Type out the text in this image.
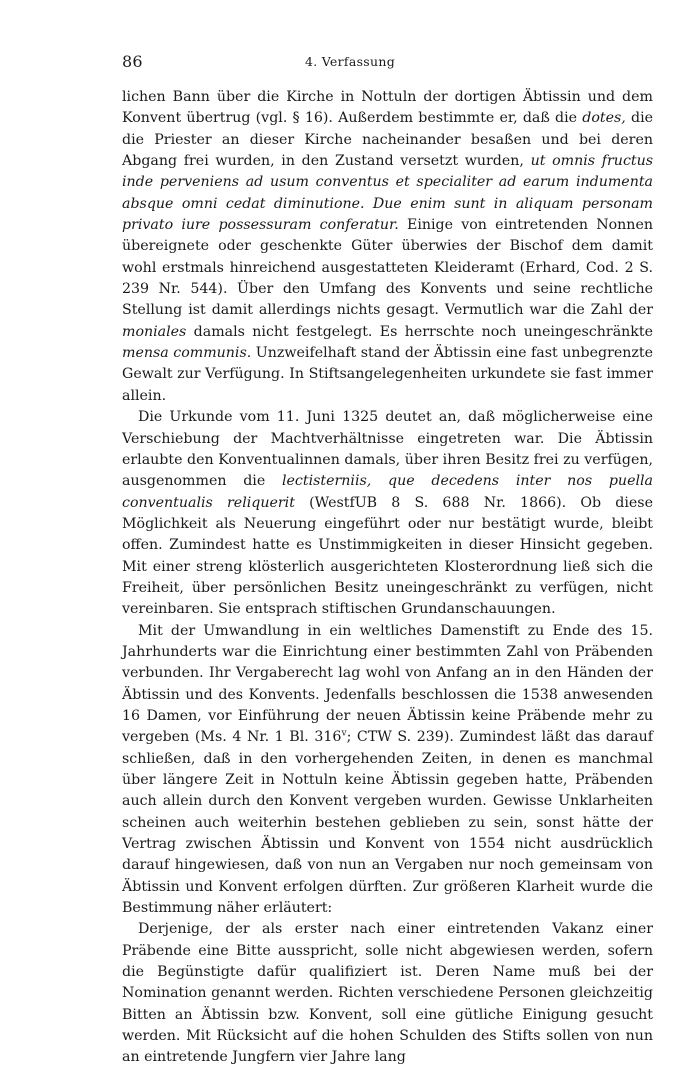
86	4. Verfassung

lichen Bann über die Kirche in Nottuln der dortigen Äbtissin und dem Konvent übertrug (vgl. § 16). Außerdem bestimmte er, daß die dotes, die die Priester an dieser Kirche nacheinander besaßen und bei deren Abgang frei wurden, in den Zustand versetzt wurden, ut omnis fructus inde perveniens ad usum conventus et specialiter ad earum indumenta absque omni cedat diminutione. Due enim sunt in aliquam personam privato iure possessuram conferatur. Einige von eintretenden Nonnen übereignete oder geschenkte Güter überwies der Bischof dem damit wohl erstmals hinreichend ausgestatteten Kleideramt (Erhard, Cod. 2 S. 239 Nr. 544). Über den Umfang des Konvents und seine rechtliche Stellung ist damit allerdings nichts gesagt. Vermutlich war die Zahl der moniales damals nicht festgelegt. Es herrschte noch uneingeschränkte mensa communis. Unzweifelhaft stand der Äbtissin eine fast unbegrenzte Gewalt zur Verfügung. In Stiftsangelegenheiten urkundete sie fast immer allein.

Die Urkunde vom 11. Juni 1325 deutet an, daß möglicherweise eine Verschiebung der Machtverhältnisse eingetreten war. Die Äbtissin erlaubte den Konventualinnen damals, über ihren Besitz frei zu verfügen, ausgenommen die lectisterniis, que decedens inter nos puella conventualis reliquerit (WestfUB 8 S. 688 Nr. 1866). Ob diese Möglichkeit als Neuerung eingeführt oder nur bestätigt wurde, bleibt offen. Zumindest hatte es Unstimmigkeiten in dieser Hinsicht gegeben. Mit einer streng klösterlich ausgerichteten Klosterordnung ließ sich die Freiheit, über persönlichen Besitz uneingeschränkt zu verfügen, nicht vereinbaren. Sie entsprach stiftischen Grundanschauungen.

Mit der Umwandlung in ein weltliches Damenstift zu Ende des 15. Jahrhunderts war die Einrichtung einer bestimmten Zahl von Präbenden verbunden. Ihr Vergaberecht lag wohl von Anfang an in den Händen der Äbtissin und des Konvents. Jedenfalls beschlossen die 1538 anwesenden 16 Damen, vor Einführung der neuen Äbtissin keine Präbende mehr zu vergeben (Ms. 4 Nr. 1 Bl. 316$^v$; CTW S. 239). Zumindest läßt das darauf schließen, daß in den vorhergehenden Zeiten, in denen es manchmal über längere Zeit in Nottuln keine Äbtissin gegeben hatte, Präbenden auch allein durch den Konvent vergeben wurden. Gewisse Unklarheiten scheinen auch weiterhin bestehen geblieben zu sein, sonst hätte der Vertrag zwischen Äbtissin und Konvent von 1554 nicht ausdrücklich darauf hingewiesen, daß von nun an Vergaben nur noch gemeinsam von Äbtissin und Konvent erfolgen dürften. Zur größeren Klarheit wurde die Bestimmung näher erläutert:

Derjenige, der als erster nach einer eintretenden Vakanz einer Präbende eine Bitte ausspricht, solle nicht abgewiesen werden, sofern die Begünstigte dafür qualifiziert ist. Deren Name muß bei der Nomination genannt werden. Richten verschiedene Personen gleichzeitig Bitten an Äbtissin bzw. Konvent, soll eine gütliche Einigung gesucht werden. Mit Rücksicht auf die hohen Schulden des Stifts sollen von nun an eintretende Jungfern vier Jahre lang
